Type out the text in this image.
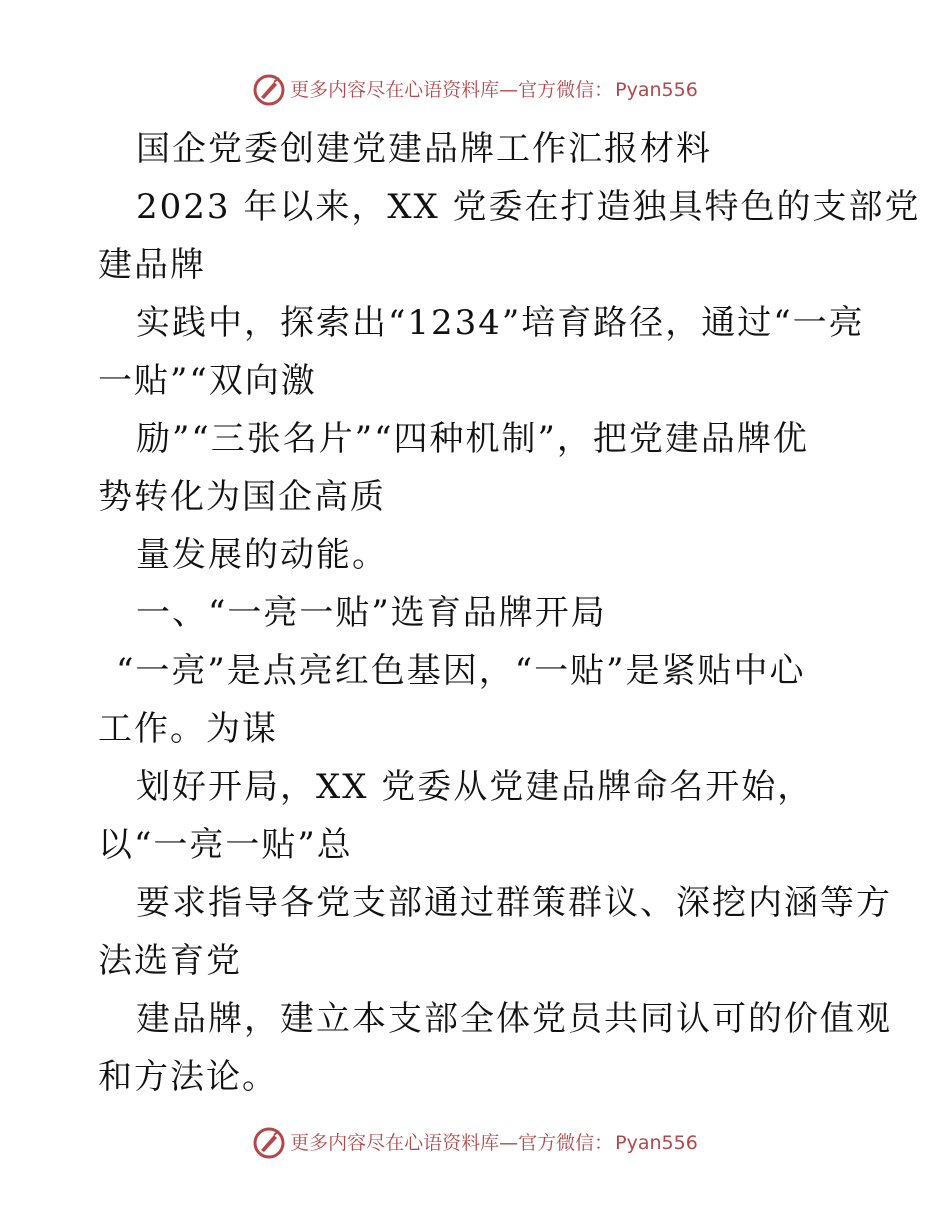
更多内容尽在心语资料库—官方微信： Pyan556
国企党委创建党建品牌工作汇报材料
2023 年以来，XX 党委在打造独具特色的支部党
建品牌
实践中，探索出“1234”培育路径，通过“一亮
一贴”“双向激
励”“三张名片”“四种机制”，把党建品牌优
势转化为国企高质
量发展的动能。
一、“一亮一贴”选育品牌开局
“一亮”是点亮红色基因，“一贴”是紧贴中心
工作。为谋
划好开局，XX 党委从党建品牌命名开始，
以“一亮一贴”总
要求指导各党支部通过群策群议、深挖内涵等方
法选育党
建品牌，建立本支部全体党员共同认可的价值观
和方法论。
更多内容尽在心语资料库—官方微信： Pyan556
